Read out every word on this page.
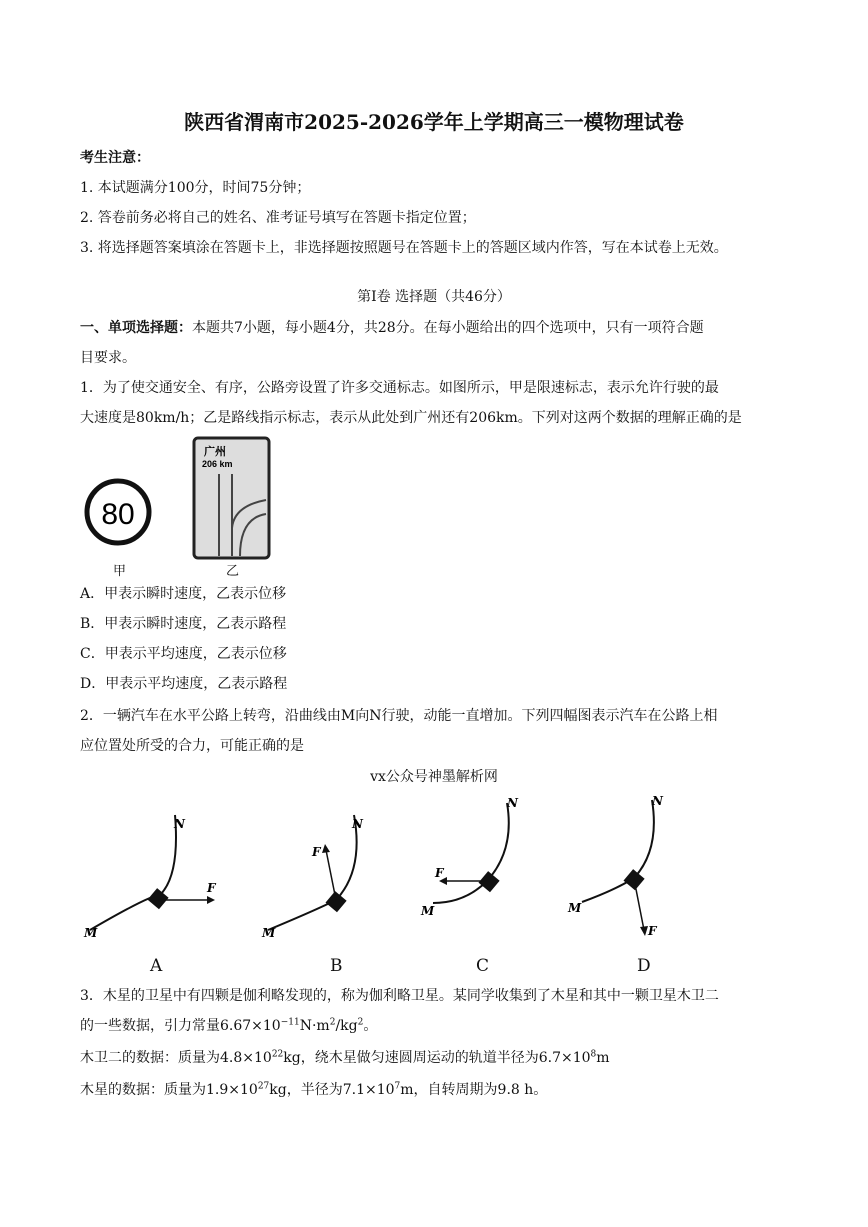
陕西省渭南市2025-2026学年上学期高三一模物理试卷
考生注意：
1. 本试题满分100分，时间75分钟；
2. 答卷前务必将自己的姓名、准考证号填写在答题卡指定位置；
3. 将选择题答案填涂在答题卡上，非选择题按照题号在答题卡上的答题区域内作答，写在本试卷上无效。
第Ⅰ卷 选择题（共46分）
一、单项选择题：本题共7小题，每小题4分，共28分。在每小题给出的四个选项中，只有一项符合题
目要求。
1．为了使交通安全、有序，公路旁设置了许多交通标志。如图所示，甲是限速标志，表示允许行驶的最
大速度是80km/h；乙是路线指示标志，表示从此处到广州还有206km。下列对这两个数据的理解正确的是
80
甲
广州
206 km
乙
A．甲表示瞬时速度，乙表示位移
B．甲表示瞬时速度，乙表示路程
C．甲表示平均速度，乙表示位移
D．甲表示平均速度，乙表示路程
2．一辆汽车在水平公路上转弯，沿曲线由M向N行驶，动能一直增加。下列四幅图表示汽车在公路上相
应位置处所受的合力，可能正确的是
vx公众号神墨解析网
F
M
N
A
F
M
N
B
F
M
N
C
F
M
N
D
3．木星的卫星中有四颗是伽利略发现的，称为伽利略卫星。某同学收集到了木星和其中一颗卫星木卫二
的一些数据，引力常量$6.67\times 10^{-11}N\cdot m^2/kg^2$。
木卫二的数据：质量为$4.8\times 10^{22}kg$，绕木星做匀速圆周运动的轨道半径为$6.7\times 10^8m$
木星的数据：质量为$1.9\times 10^{27}kg$，半径为$7.1\times 10^7m$，自转周期为9.8 h。
